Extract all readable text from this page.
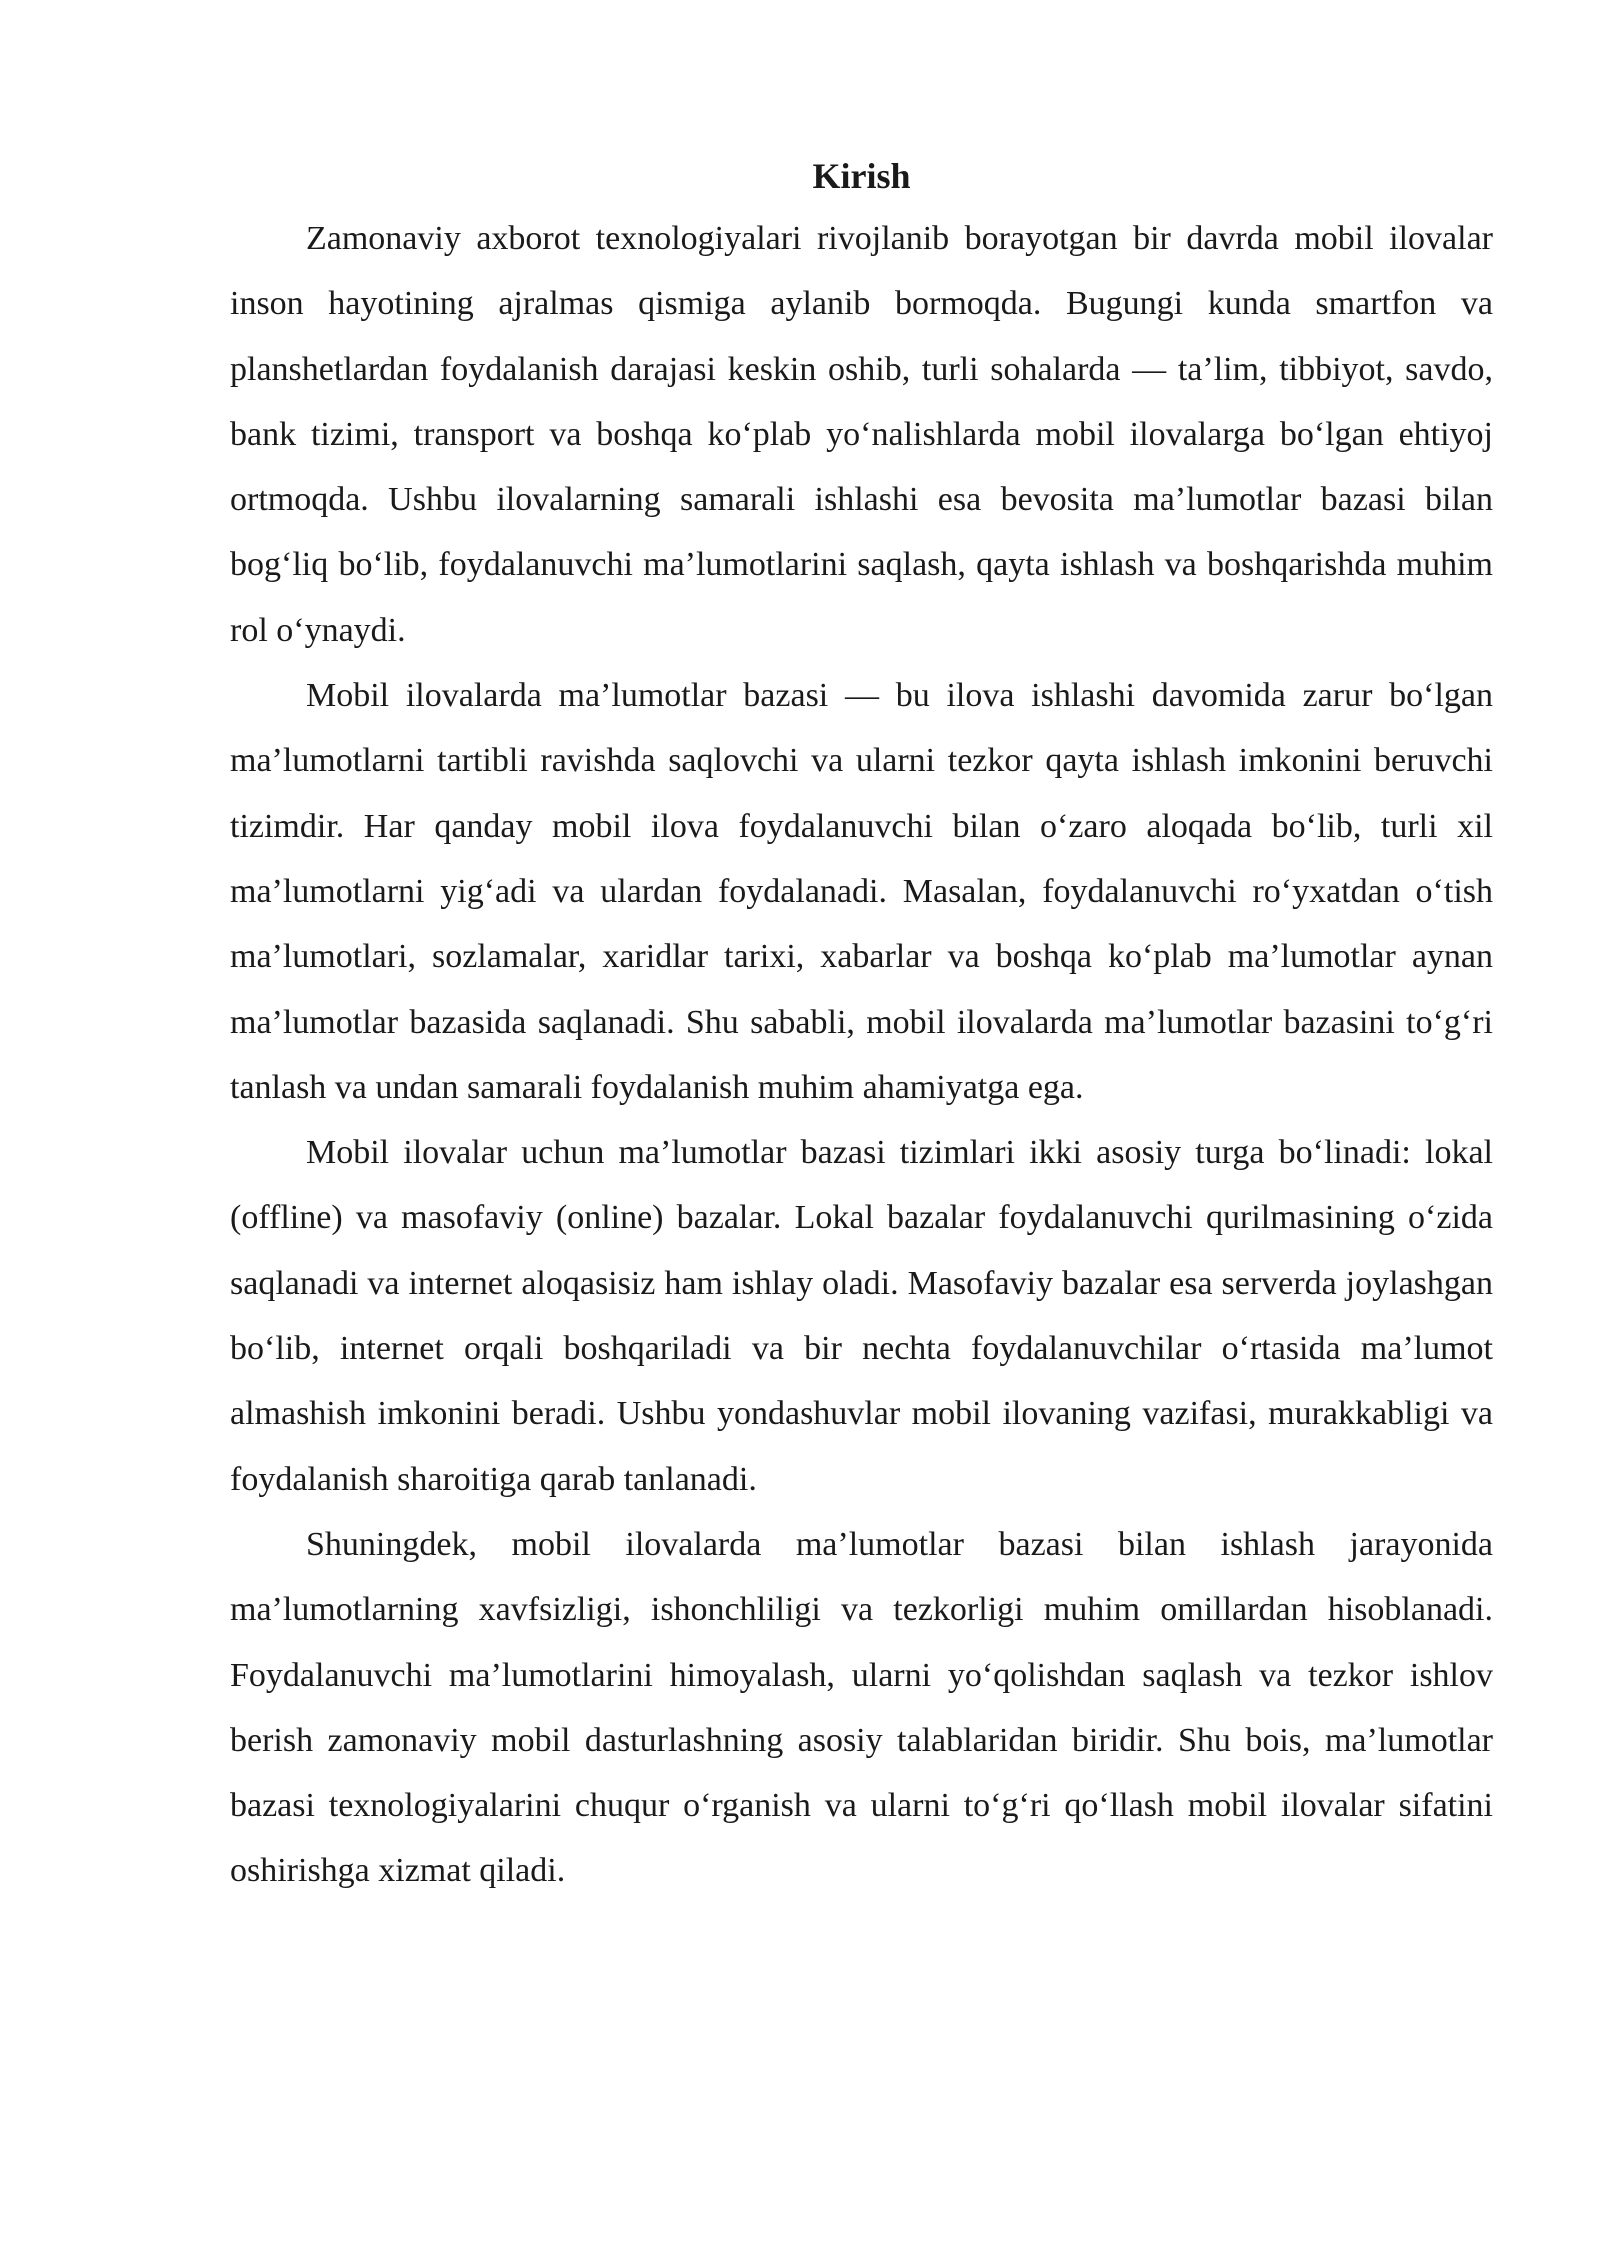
Kirish

Zamonaviy axborot texnologiyalari rivojlanib borayotgan bir davrda mobil ilovalar inson hayotining ajralmas qismiga aylanib bormoqda. Bugungi kunda smartfon va planshetlardan foydalanish darajasi keskin oshib, turli sohalarda — ta’lim, tibbiyot, savdo, bank tizimi, transport va boshqa ko‘plab yo‘nalishlarda mobil ilovalarga bo‘lgan ehtiyoj ortmoqda. Ushbu ilovalarning samarali ishlashi esa bevosita ma’lumotlar bazasi bilan bog‘liq bo‘lib, foydalanuvchi ma’lumotlarini saqlash, qayta ishlash va boshqarishda muhim rol o‘ynaydi.

Mobil ilovalarda ma’lumotlar bazasi — bu ilova ishlashi davomida zarur bo‘lgan ma’lumotlarni tartibli ravishda saqlovchi va ularni tezkor qayta ishlash imkonini beruvchi tizimdir. Har qanday mobil ilova foydalanuvchi bilan o‘zaro aloqada bo‘lib, turli xil ma’lumotlarni yig‘adi va ulardan foydalanadi. Masalan, foydalanuvchi ro‘yxatdan o‘tish ma’lumotlari, sozlamalar, xaridlar tarixi, xabarlar va boshqa ko‘plab ma’lumotlar aynan ma’lumotlar bazasida saqlanadi. Shu sababli, mobil ilovalarda ma’lumotlar bazasini to‘g‘ri tanlash va undan samarali foydalanish muhim ahamiyatga ega.

Mobil ilovalar uchun ma’lumotlar bazasi tizimlari ikki asosiy turga bo‘linadi: lokal (offline) va masofaviy (online) bazalar. Lokal bazalar foydalanuvchi qurilmasining o‘zida saqlanadi va internet aloqasisiz ham ishlay oladi. Masofaviy bazalar esa serverda joylashgan bo‘lib, internet orqali boshqariladi va bir nechta foydalanuvchilar o‘rtasida ma’lumot almashish imkonini beradi. Ushbu yondashuvlar mobil ilovaning vazifasi, murakkabligi va foydalanish sharoitiga qarab tanlanadi.

Shuningdek, mobil ilovalarda ma’lumotlar bazasi bilan ishlash jarayonida ma’lumotlarning xavfsizligi, ishonchliligi va tezkorligi muhim omillardan hisoblanadi. Foydalanuvchi ma’lumotlarini himoyalash, ularni yo‘qolishdan saqlash va tezkor ishlov berish zamonaviy mobil dasturlashning asosiy talablaridan biridir. Shu bois, ma’lumotlar bazasi texnologiyalarini chuqur o‘rganish va ularni to‘g‘ri qo‘llash mobil ilovalar sifatini oshirishga xizmat qiladi.
